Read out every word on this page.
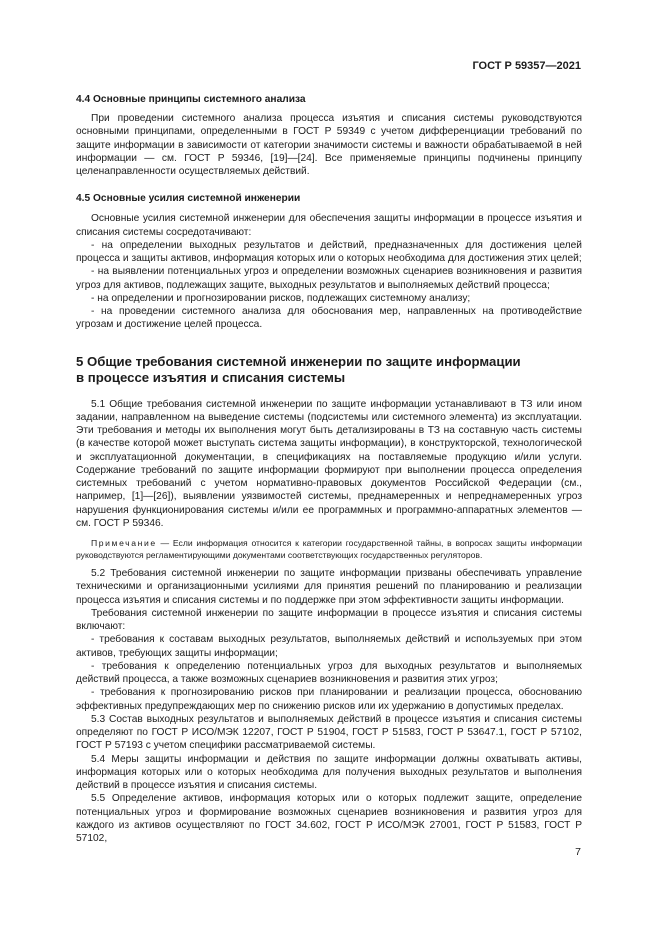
ГОСТ Р 59357—2021
4.4 Основные принципы системного анализа

При проведении системного анализа процесса изъятия и списания системы руководствуются основными принципами, определенными в ГОСТ Р 59349 с учетом дифференциации требований по защите информации в зависимости от категории значимости системы и важности обрабатываемой в ней информации — см. ГОСТ Р 59346, [19]—[24]. Все применяемые принципы подчинены принципу целенаправленности осуществляемых действий.

4.5 Основные усилия системной инженерии

Основные усилия системной инженерии для обеспечения защиты информации в процессе изъятия и списания системы сосредотачивают:

- на определении выходных результатов и действий, предназначенных для достижения целей процесса и защиты активов, информация которых или о которых необходима для достижения этих целей;

- на выявлении потенциальных угроз и определении возможных сценариев возникновения и развития угроз для активов, подлежащих защите, выходных результатов и выполняемых действий процесса;

- на определении и прогнозировании рисков, подлежащих системному анализу;

- на проведении системного анализа для обоснования мер, направленных на противодействие угрозам и достижение целей процесса.

5 Общие требования системной инженерии по защите информации
в процессе изъятия и списания системы

5.1 Общие требования системной инженерии по защите информации устанавливают в ТЗ или ином задании, направленном на выведение системы (подсистемы или системного элемента) из эксплуатации. Эти требования и методы их выполнения могут быть детализированы в ТЗ на составную часть системы (в качестве которой может выступать система защиты информации), в конструкторской, технологической и эксплуатационной документации, в спецификациях на поставляемые продукцию и/или услуги. Содержание требований по защите информации формируют при выполнении процесса определения системных требований с учетом нормативно-правовых документов Российской Федерации (см., например, [1]—[26]), выявлении уязвимостей системы, преднамеренных и непреднамеренных угроз нарушения функционирования системы и/или ее программных и программно-аппаратных элементов — см. ГОСТ Р 59346.

Примечание — Если информация относится к категории государственной тайны, в вопросах защиты информации руководствуются регламентирующими документами соответствующих государственных регуляторов.

5.2 Требования системной инженерии по защите информации призваны обеспечивать управление техническими и организационными усилиями для принятия решений по планированию и реализации процесса изъятия и списания системы и по поддержке при этом эффективности защиты информации.

Требования системной инженерии по защите информации в процессе изъятия и списания системы включают:

- требования к составам выходных результатов, выполняемых действий и используемых при этом активов, требующих защиты информации;

- требования к определению потенциальных угроз для выходных результатов и выполняемых действий процесса, а также возможных сценариев возникновения и развития этих угроз;

- требования к прогнозированию рисков при планировании и реализации процесса, обоснованию эффективных предупреждающих мер по снижению рисков или их удержанию в допустимых пределах.

5.3 Состав выходных результатов и выполняемых действий в процессе изъятия и списания системы определяют по ГОСТ Р ИСО/МЭК 12207, ГОСТ Р 51904, ГОСТ Р 51583, ГОСТ Р 53647.1, ГОСТ Р 57102, ГОСТ Р 57193 с учетом специфики рассматриваемой системы.

5.4 Меры защиты информации и действия по защите информации должны охватывать активы, информация которых или о которых необходима для получения выходных результатов и выполнения действий в процессе изъятия и списания системы.

5.5 Определение активов, информация которых или о которых подлежит защите, определение потенциальных угроз и формирование возможных сценариев возникновения и развития угроз для каждого из активов осуществляют по ГОСТ 34.602, ГОСТ Р ИСО/МЭК 27001, ГОСТ Р 51583, ГОСТ Р 57102,

7
